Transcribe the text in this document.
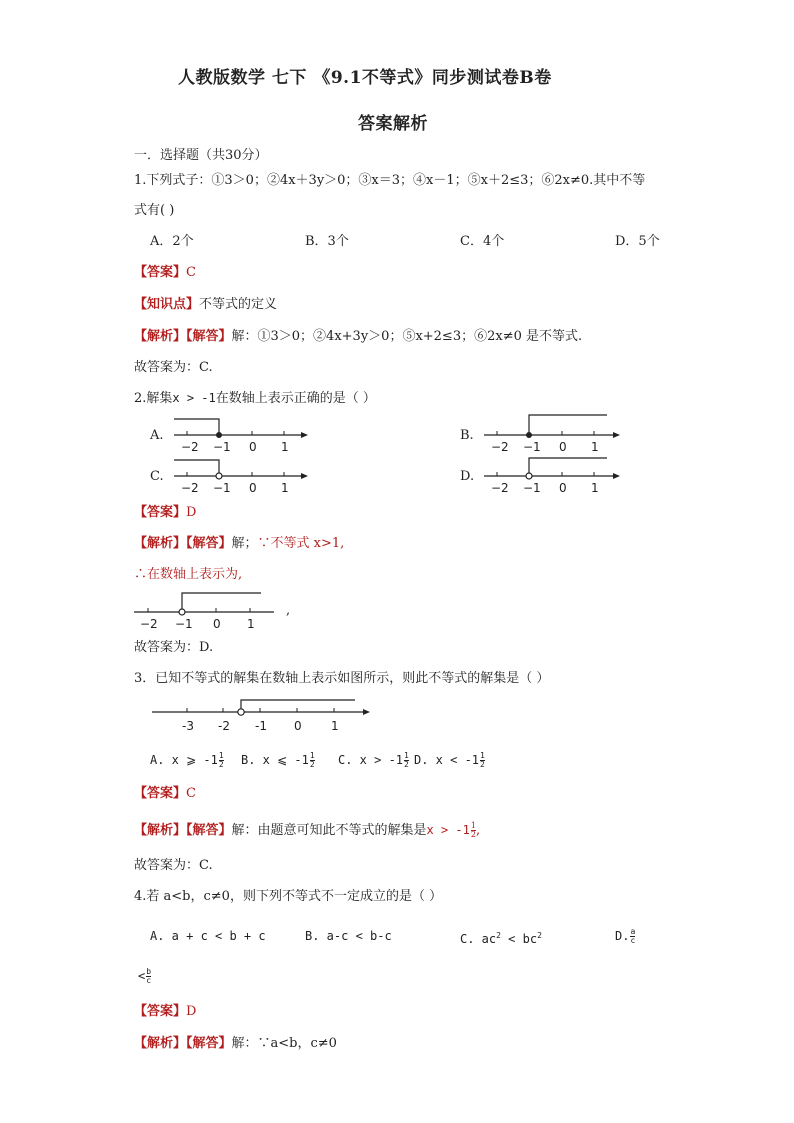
人教版数学 七下 《9.1不等式》同步测试卷B卷
答案解析
一．选择题（共30分）
1.下列式子：①3＞0；②4x＋3y＞0；③x＝3；④x－1；⑤x＋2≤3；⑥2x≠0.其中不等
式有( )
A．2个	B．3个	C．4个	D．5个
【答案】C
【知识点】不等式的定义
【解析】【解答】解：①3＞0；②4x+3y＞0；⑤x+2≤3；⑥2x≠0 是不等式.
故答案为：C.
2.解集x > -1在数轴上表示正确的是（ ）
A.	B.
C.	D.
−2 −1 0 1	−2 −1 0 1
−2 −1 0 1	−2 −1 0 1
【答案】D
【解析】【解答】解；∵不等式 x>1,
∴在数轴上表示为,
−2 −1 0 1
,
故答案为：D.
3．已知不等式的解集在数轴上表示如图所示，则此不等式的解集是（ ）
-3 -2 -1 0 1
A. x ⩾ $-1 \frac{1}{2} B$. x ⩽ $-1 \frac{1}{2} C$. $x > -1 \frac{1}{2} D$. $x < -1 \frac{1}{2}$
【答案】C
【解析】【解答】解：由题意可知此不等式的解集是$x > -1 \frac{1}{2}$ ,
故答案为：C.
4.若 a<b，c≠0，则下列不等式不一定成立的是（ ）
A. a + c < b + c	B. a-c < b-c	C. $ac^2 < bc^2$	D. $\frac{a}{c}$
< $\frac{b}{c}$
【答案】D
【解析】【解答】解：∵a<b，c≠0
